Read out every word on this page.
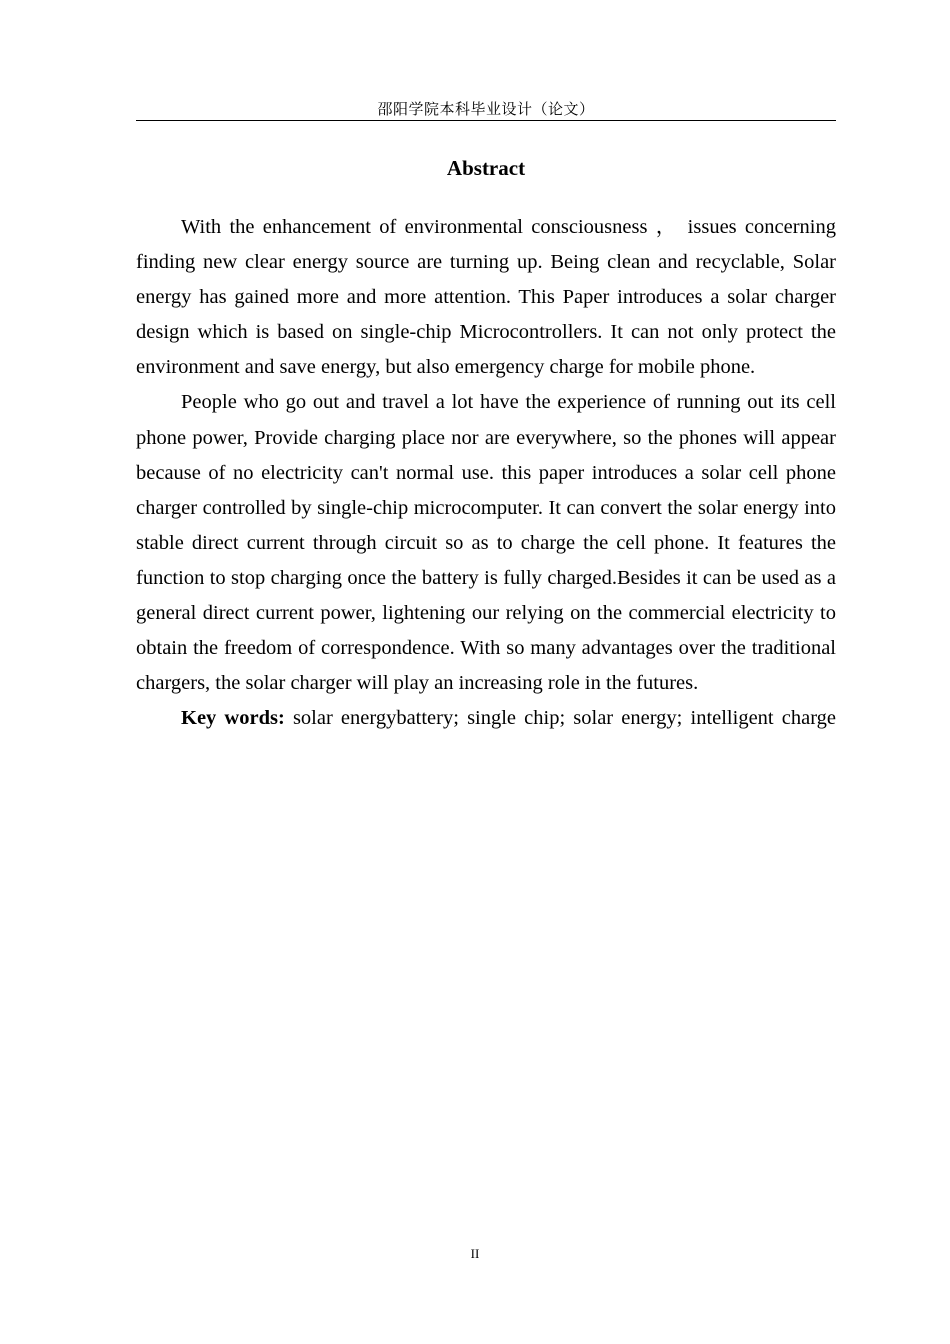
邵阳学院本科毕业设计（论文）
Abstract

With the enhancement of environmental consciousness ， issues concerning finding new clear energy source are turning up. Being clean and recyclable, Solar energy has gained more and more attention. This Paper introduces a solar charger design which is based on single-chip Microcontrollers. It can not only protect the environment and save energy, but also emergency charge for mobile phone.

People who go out and travel a lot have the experience of running out its cell phone power, Provide charging place nor are everywhere, so the phones will appear because of no electricity can't normal use. this paper introduces a solar cell phone charger controlled by single-chip microcomputer. It can convert the solar energy into stable direct current through circuit so as to charge the cell phone. It features the function to stop charging once the battery is fully charged.Besides it can be used as a general direct current power, lightening our relying on the commercial electricity to obtain the freedom of correspondence. With so many advantages over the traditional chargers, the solar charger will play an increasing role in the futures.

Key words: solar energybattery; single chip; solar energy; intelligent charge

II
